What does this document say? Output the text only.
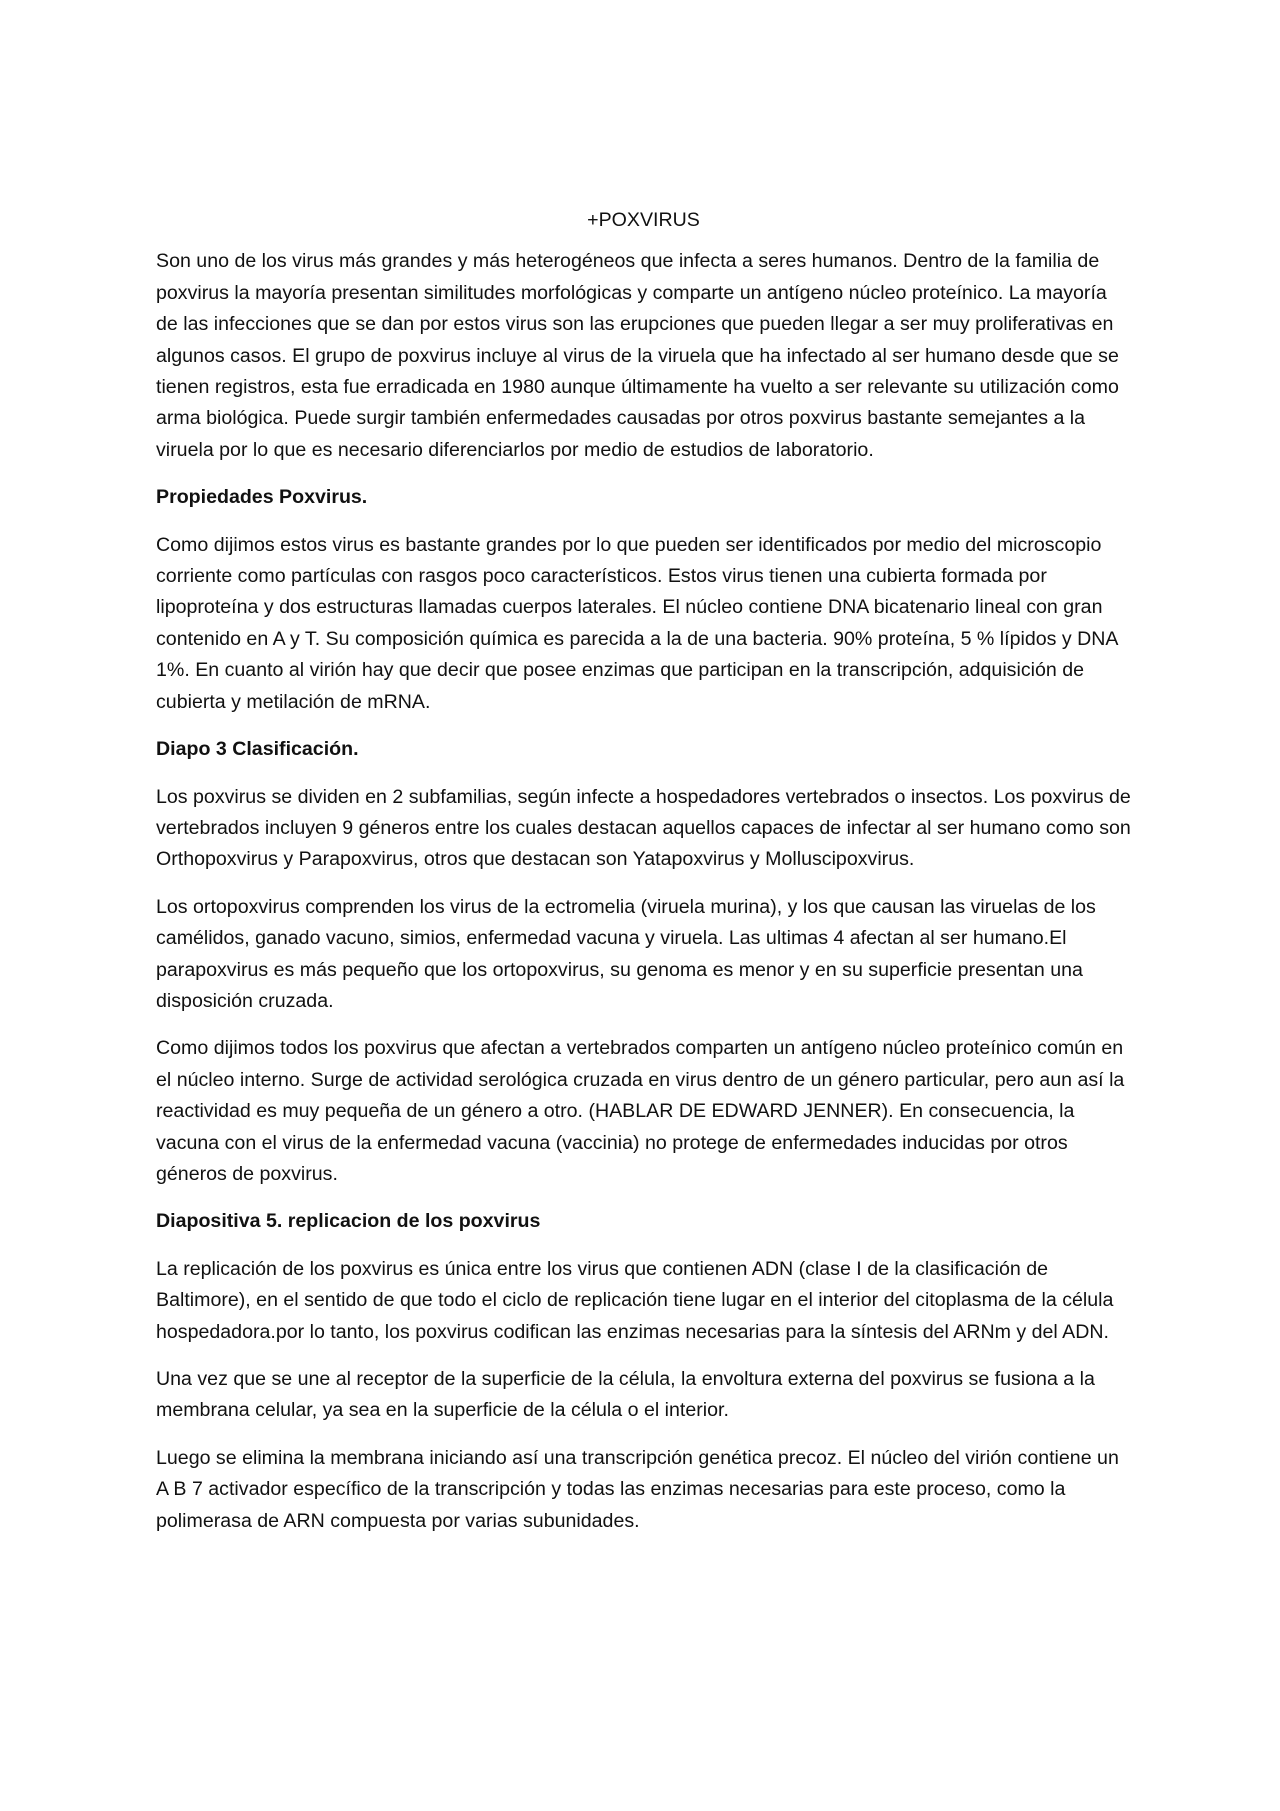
+POXVIRUS
Son uno de los virus más grandes y más heterogéneos que infecta a seres humanos. Dentro de la familia de poxvirus la mayoría presentan similitudes morfológicas y comparte un antígeno núcleo proteínico. La mayoría de las infecciones que se dan por estos virus son las erupciones que pueden llegar a ser muy proliferativas en algunos casos. El grupo de poxvirus incluye al virus de la viruela que ha infectado al ser humano desde que se tienen registros, esta fue erradicada en 1980 aunque últimamente ha vuelto a ser relevante su utilización como arma biológica. Puede surgir también enfermedades causadas por otros poxvirus bastante semejantes a la viruela por lo que es necesario diferenciarlos por medio de estudios de laboratorio.
Propiedades Poxvirus.
Como dijimos estos virus es bastante grandes por lo que pueden ser identificados por medio del microscopio corriente como partículas con rasgos poco característicos. Estos virus tienen una cubierta formada por lipoproteína y dos estructuras llamadas cuerpos laterales. El núcleo contiene DNA bicatenario lineal con gran contenido en A y T. Su composición química es parecida a la de una bacteria. 90% proteína, 5 % lípidos y DNA 1%. En cuanto al virión hay que decir que posee enzimas que participan en la transcripción, adquisición de cubierta y metilación de mRNA.
Diapo 3 Clasificación.
Los poxvirus se dividen en 2 subfamilias, según infecte a hospedadores vertebrados o insectos. Los poxvirus de vertebrados incluyen 9 géneros entre los cuales destacan aquellos capaces de infectar al ser humano como son Orthopoxvirus y Parapoxvirus, otros que destacan son Yatapoxvirus y Molluscipoxvirus.
Los ortopoxvirus comprenden los virus de la ectromelia (viruela murina), y los que causan las viruelas de los camélidos, ganado vacuno, simios, enfermedad vacuna y viruela. Las ultimas 4 afectan al ser humano.El parapoxvirus es más pequeño que los ortopoxvirus, su genoma es menor y en su superficie presentan una disposición cruzada.
Como dijimos todos los poxvirus que afectan a vertebrados comparten un antígeno núcleo proteínico común en el núcleo interno. Surge de actividad serológica cruzada en virus dentro de un género particular, pero aun así la reactividad es muy pequeña de un género a otro. (HABLAR DE EDWARD JENNER). En consecuencia, la vacuna con el virus de la enfermedad vacuna (vaccinia) no protege de enfermedades inducidas por otros géneros de poxvirus.
Diapositiva 5. replicacion de los poxvirus
La replicación de los poxvirus es única entre los virus que contienen ADN (clase I de la clasificación de Baltimore), en el sentido de que todo el ciclo de replicación tiene lugar en el interior del citoplasma de la célula hospedadora.por lo tanto, los poxvirus codifican las enzimas necesarias para la síntesis del ARNm y del ADN.
Una vez que se une al receptor de la superficie de la célula, la envoltura externa del poxvirus se fusiona a la membrana celular, ya sea en la superficie de la célula o el interior.
Luego se elimina la membrana iniciando así una transcripción genética precoz. El núcleo del virión contiene un A B 7 activador específico de la transcripción y todas las enzimas necesarias para este proceso, como la polimerasa de ARN compuesta por varias subunidades.
